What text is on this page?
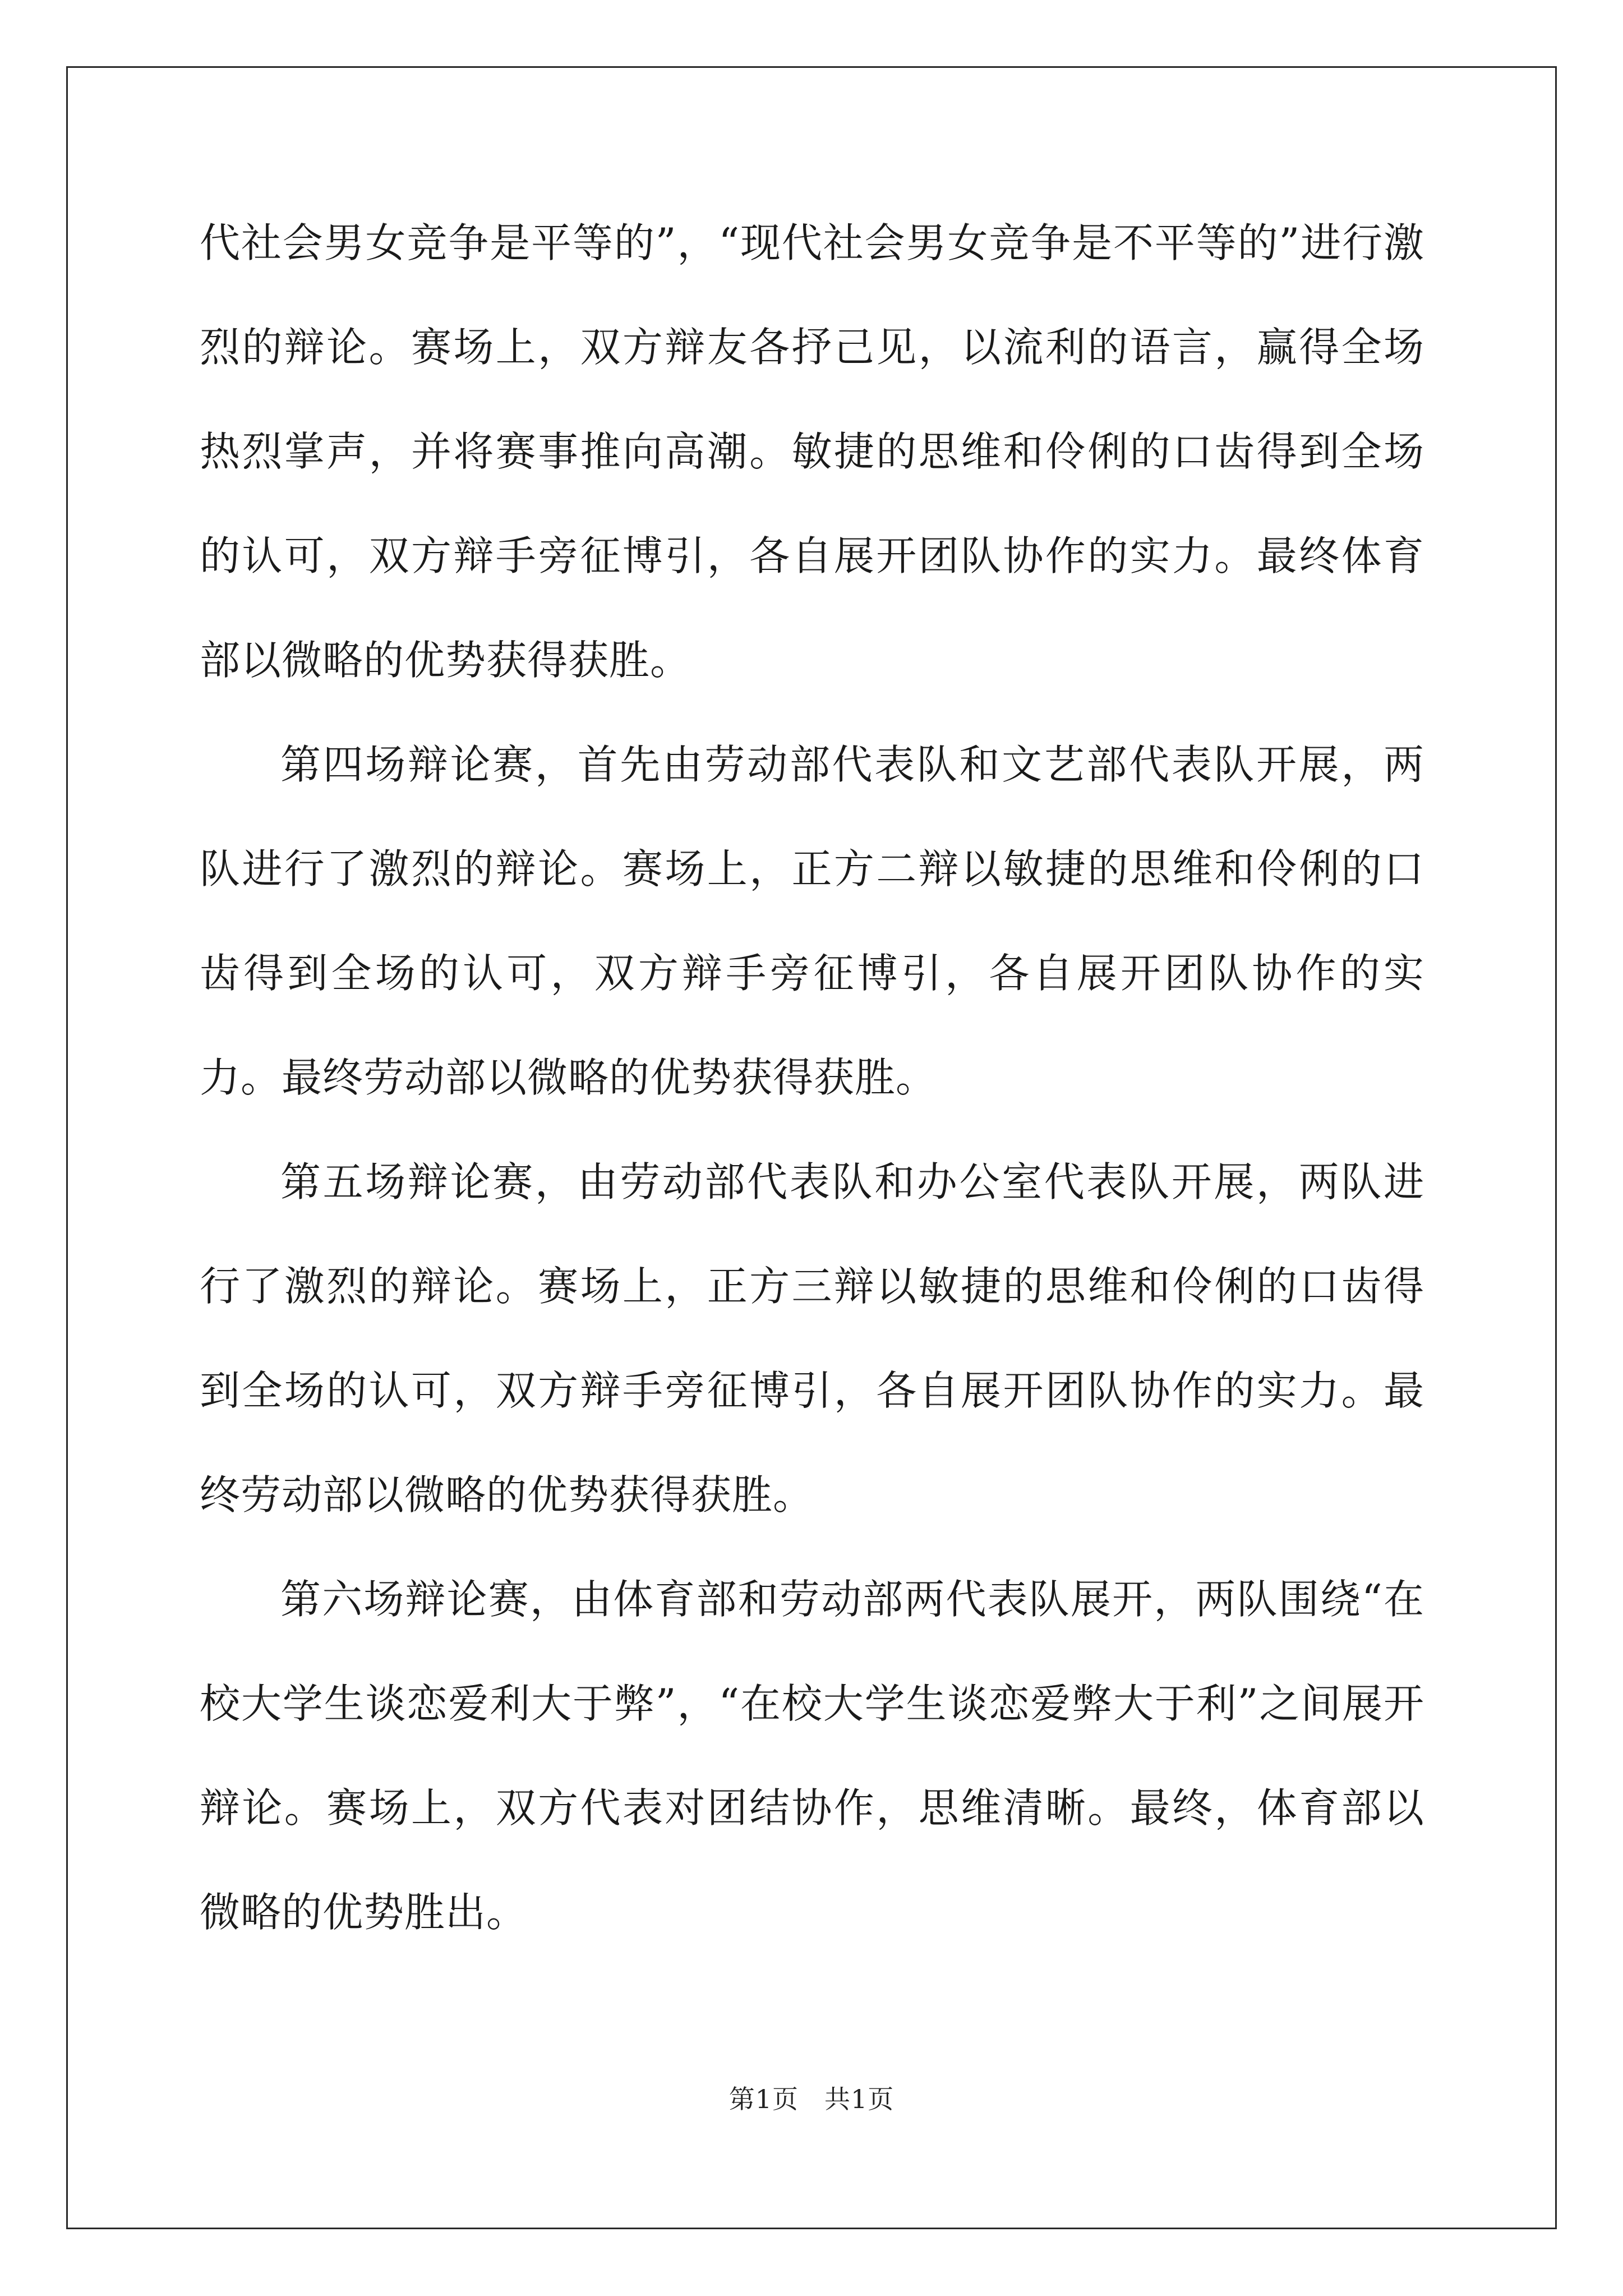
代社会男女竞争是平等的”，“现代社会男女竞争是不平等的”进行激烈的辩论。赛场上，双方辩友各抒己见，以流利的语言，赢得全场热烈掌声，并将赛事推向高潮。敏捷的思维和伶俐的口齿得到全场的认可，双方辩手旁征博引，各自展开团队协作的实力。最终体育部以微略的优势获得获胜。

第四场辩论赛，首先由劳动部代表队和文艺部代表队开展，两队进行了激烈的辩论。赛场上，正方二辩以敏捷的思维和伶俐的口齿得到全场的认可，双方辩手旁征博引，各自展开团队协作的实力。最终劳动部以微略的优势获得获胜。

第五场辩论赛，由劳动部代表队和办公室代表队开展，两队进行了激烈的辩论。赛场上，正方三辩以敏捷的思维和伶俐的口齿得到全场的认可，双方辩手旁征博引，各自展开团队协作的实力。最终劳动部以微略的优势获得获胜。

第六场辩论赛，由体育部和劳动部两代表队展开，两队围绕“在校大学生谈恋爱利大于弊”，“在校大学生谈恋爱弊大于利”之间展开辩论。赛场上，双方代表对团结协作，思维清晰。最终，体育部以微略的优势胜出。

第1页 共1页
